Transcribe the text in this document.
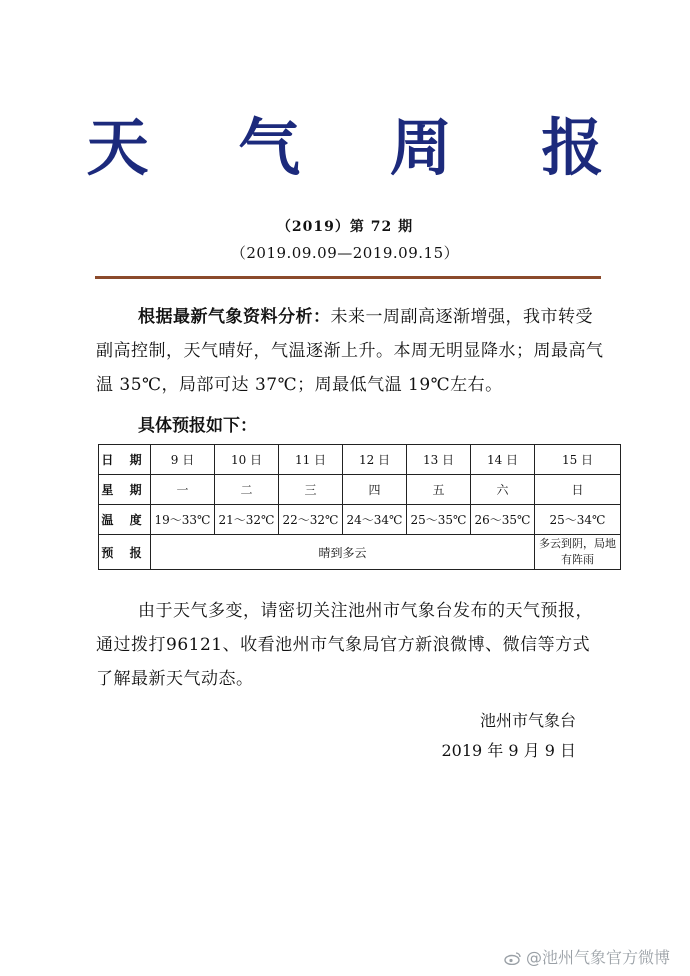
天 气 周 报
（2019）第 72 期
（2019.09.09—2019.09.15）
根据最新气象资料分析：未来一周副高逐渐增强，我市转受副高控制，天气晴好，气温逐渐上升。本周无明显降水；周最高气温 35℃，局部可达 37℃；周最低气温 19℃左右。
具体预报如下：
日 期	9 日	10 日	11 日	12 日	13 日	14 日	15 日
星 期	一	二	三	四	五	六	日
温 度	19～33℃	21～32℃	22～32℃	24～34℃	25～35℃	26～35℃	25～34℃
预 报	晴到多云						多云到阴，局地有阵雨
由于天气多变，请密切关注池州市气象台发布的天气预报，通过拨打96121、收看池州市气象局官方新浪微博、微信等方式了解最新天气动态。
池州市气象台
2019 年 9 月 9 日
@池州气象官方微博
